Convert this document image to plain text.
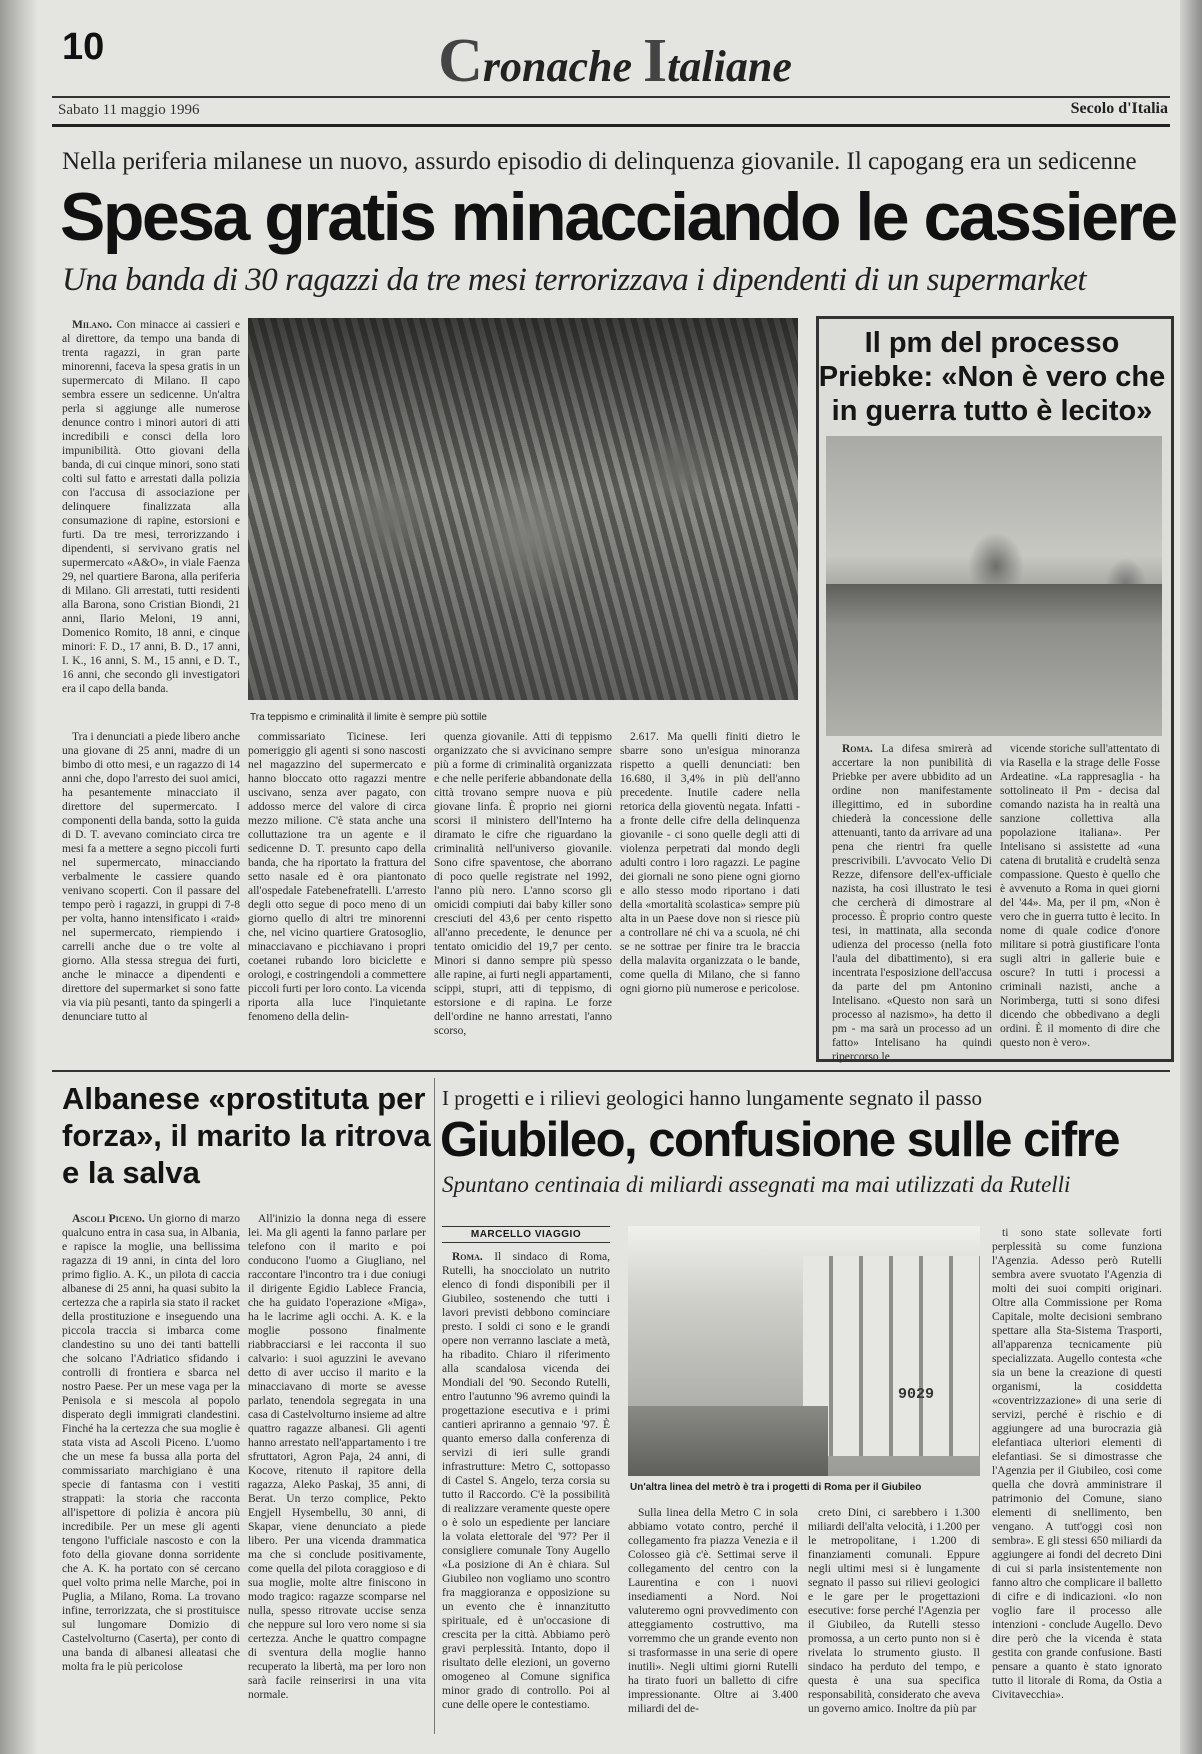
10	Cronache Italiane
Sabato 11 maggio 1996	Secolo d'Italia
Nella periferia milanese un nuovo, assurdo episodio di delinquenza giovanile. Il capogang era un sedicenne
Spesa gratis minacciando le cassiere
Una banda di 30 ragazzi da tre mesi terrorizzava i dipendenti di un supermarket

Milano. Con minacce ai cassieri e al direttore, da tempo una banda di trenta ragazzi, in gran parte minorenni, faceva la spesa gratis in un supermercato di Milano. Il capo sembra essere un sedicenne. Un'altra perla si aggiunge alle numerose denunce contro i minori autori di atti incredibili e consci della loro impunibilità. Otto giovani della banda, di cui cinque minori, sono stati colti sul fatto e arrestati dalla polizia con l'accusa di associazione per delinquere finalizzata alla consumazione di rapine, estorsioni e furti. Da tre mesi, terrorizzando i dipendenti, si servivano gratis nel supermercato «A&O», in viale Faenza 29, nel quartiere Barona, alla periferia di Milano. Gli arrestati, tutti residenti alla Barona, sono Cristian Biondi, 21 anni, Ilario Meloni, 19 anni, Domenico Romito, 18 anni, e cinque minori: F. D., 17 anni, B. D., 17 anni, I. K., 16 anni, S. M., 15 anni, e D. T., 16 anni, che secondo gli investigatori era il capo della banda.

Tra teppismo e criminalità il limite è sempre più sottile

Tra i denunciati a piede libero anche una giovane di 25 anni, madre di un bimbo di otto mesi, e un ragazzo di 14 anni che, dopo l'arresto dei suoi amici, ha pesantemente minacciato il direttore del supermercato. I componenti della banda, sotto la guida di D. T. avevano cominciato circa tre mesi fa a mettere a segno piccoli furti nel supermercato, minacciando verbalmente le cassiere quando venivano scoperti. Con il passare del tempo però i ragazzi, in gruppi di 7-8 per volta, hanno intensificato i «raid» nel supermercato, riempiendo i carrelli anche due o tre volte al giorno. Alla stessa stregua dei furti, anche le minacce a dipendenti e direttore del supermarket si sono fatte via via più pesanti, tanto da spingerli a denunciare tutto al

commissariato Ticinese. Ieri pomeriggio gli agenti si sono nascosti nel magazzino del supermercato e hanno bloccato otto ragazzi mentre uscivano, senza aver pagato, con addosso merce del valore di circa mezzo milione. C'è stata anche una colluttazione tra un agente e il sedicenne D. T. presunto capo della banda, che ha riportato la frattura del setto nasale ed è ora piantonato all'ospedale Fatebenefratelli. L'arresto degli otto segue di poco meno di un giorno quello di altri tre minorenni che, nel vicino quartiere Gratosoglio, minacciavano e picchiavano i propri coetanei rubando loro biciclette e orologi, e costringendoli a commettere piccoli furti per loro conto. La vicenda riporta alla luce l'inquietante fenomeno della delin-

quenza giovanile. Atti di teppismo organizzato che si avvicinano sempre più a forme di criminalità organizzata e che nelle periferie abbandonate della città trovano sempre nuova e più giovane linfa. È proprio nei giorni scorsi il ministero dell'Interno ha diramato le cifre che riguardano la criminalità nell'universo giovanile. Sono cifre spaventose, che aborrano di poco quelle registrate nel 1992, l'anno più nero. L'anno scorso gli omicidi compiuti dai baby killer sono cresciuti del 43,6 per cento rispetto all'anno precedente, le denunce per tentato omicidio del 19,7 per cento. Minori si danno sempre più spesso alle rapine, ai furti negli appartamenti, scippi, stupri, atti di teppismo, di estorsione e di rapina. Le forze dell'ordine ne hanno arrestati, l'anno scorso,

2.617. Ma quelli finiti dietro le sbarre sono un'esigua minoranza rispetto a quelli denunciati: ben 16.680, il 3,4% in più dell'anno precedente. Inutile cadere nella retorica della gioventù negata. Infatti - a fronte delle cifre della delinquenza giovanile - ci sono quelle degli atti di violenza perpetrati dal mondo degli adulti contro i loro ragazzi. Le pagine dei giornali ne sono piene ogni giorno e allo stesso modo riportano i dati della «mortalità scolastica» sempre più alta in un Paese dove non si riesce più a controllare né chi va a scuola, né chi se ne sottrae per finire tra le braccia della malavita organizzata o le bande, come quella di Milano, che si fanno ogni giorno più numerose e pericolose.

Il pm del processo Priebke: «Non è vero che in guerra tutto è lecito»

Roma. La difesa smirerà ad accertare la non punibilità di Priebke per avere ubbidito ad un ordine non manifestamente illegittimo, ed in subordine chiederà la concessione delle attenuanti, tanto da arrivare ad una pena che rientri fra quelle prescrivibili. L'avvocato Velio Di Rezze, difensore dell'ex-ufficiale nazista, ha così illustrato le tesi che cercherà di dimostrare al processo. È proprio contro queste tesi, in mattinata, alla seconda udienza del processo (nella foto l'aula del dibattimento), si era incentrata l'esposizione dell'accusa da parte del pm Antonino Intelisano. «Questo non sarà un processo al nazismo», ha detto il pm - ma sarà un processo ad un fatto» Intelisano ha quindi ripercorso le

vicende storiche sull'attentato di via Rasella e la strage delle Fosse Ardeatine. «La rappresaglia - ha sottolineato il Pm - decisa dal comando nazista ha in realtà una sanzione collettiva alla popolazione italiana». Per Intelisano si assistette ad «una catena di brutalità e crudeltà senza compassione. Questo è quello che è avvenuto a Roma in quei giorni del '44». Ma, per il pm, «Non è vero che in guerra tutto è lecito. In nome di quale codice d'onore militare si potrà giustificare l'onta sugli altri in gallerie buie e oscure? In tutti i processi a criminali nazisti, anche a Norimberga, tutti si sono difesi dicendo che obbedivano a degli ordini. È il momento di dire che questo non è vero».

Albanese «prostituta per forza», il marito la ritrova e la salva

Ascoli Piceno. Un giorno di marzo qualcuno entra in casa sua, in Albania, e rapisce la moglie, una bellissima ragazza di 19 anni, in cinta del loro primo figlio. A. K., un pilota di caccia albanese di 25 anni, ha quasi subito la certezza che a rapirla sia stato il racket della prostituzione e inseguendo una piccola traccia si imbarca come clandestino su uno dei tanti battelli che solcano l'Adriatico sfidando i controlli di frontiera e sbarca nel nostro Paese. Per un mese vaga per la Penisola e si mescola al popolo disperato degli immigrati clandestini. Finché ha la certezza che sua moglie è stata vista ad Ascoli Piceno. L'uomo che un mese fa bussa alla porta del commissariato marchigiano è una specie di fantasma con i vestiti strappati: la storia che racconta all'ispettore di polizia è ancora più incredibile. Per un mese gli agenti tengono l'ufficiale nascosto e con la foto della giovane donna sorridente che A. K. ha portato con sé cercano quel volto prima nelle Marche, poi in Puglia, a Milano, Roma. La trovano infine, terrorizzata, che si prostituisce sul lungomare Domizio di Castelvolturno (Caserta), per conto di una banda di albanesi alleatasi che molta fra le più pericolose

All'inizio la donna nega di essere lei. Ma gli agenti la fanno parlare per telefono con il marito e poi conducono l'uomo a Giugliano, nel raccontare l'incontro tra i due coniugi il dirigente Egidio Lablece Francia, che ha guidato l'operazione «Miga», ha le lacrime agli occhi. A. K. e la moglie possono finalmente riabbracciarsi e lei racconta il suo calvario: i suoi aguzzini le avevano detto di aver ucciso il marito e la minacciavano di morte se avesse parlato, tenendola segregata in una casa di Castelvolturno insieme ad altre quattro ragazze albanesi. Gli agenti hanno arrestato nell'appartamento i tre sfruttatori, Agron Paja, 24 anni, di Kocove, ritenuto il rapitore della ragazza, Aleko Paskaj, 35 anni, di Berat. Un terzo complice, Pekto Engjell Hysembellu, 30 anni, di Skapar, viene denunciato a piede libero. Per una vicenda drammatica ma che si conclude positivamente, come quella del pilota coraggioso e di sua moglie, molte altre finiscono in modo tragico: ragazze scomparse nel nulla, spesso ritrovate uccise senza che neppure sul loro vero nome si sia certezza. Anche le quattro compagne di sventura della moglie hanno recuperato la libertà, ma per loro non sarà facile reinserirsi in una vita normale.

I progetti e i rilievi geologici hanno lungamente segnato il passo
Giubileo, confusione sulle cifre
Spuntano centinaia di miliardi assegnati ma mai utilizzati da Rutelli
MARCELLO VIAGGIO

Roma. Il sindaco di Roma, Rutelli, ha snocciolato un nutrito elenco di fondi disponibili per il Giubileo, sostenendo che tutti i lavori previsti debbono cominciare presto. I soldi ci sono e le grandi opere non verranno lasciate a metà, ha ribadito. Chiaro il riferimento alla scandalosa vicenda dei Mondiali del '90. Secondo Rutelli, entro l'autunno '96 avremo quindi la progettazione esecutiva e i primi cantieri apriranno a gennaio '97. È quanto emerso dalla conferenza di servizi di ieri sulle grandi infrastrutture: Metro C, sottopasso di Castel S. Angelo, terza corsia su tutto il Raccordo. C'è la possibilità di realizzare veramente queste opere o è solo un espediente per lanciare la volata elettorale del '97? Per il consigliere comunale Tony Augello «La posizione di An è chiara. Sul Giubileo non vogliamo uno scontro fra maggioranza e opposizione su un evento che è innanzitutto spirituale, ed è un'occasione di crescita per la città. Abbiamo però gravi perplessità. Intanto, dopo il risultato delle elezioni, un governo omogeneo al Comune significa minor grado di controllo. Poi al cune delle opere le contestiamo.

9029
Un'altra linea del metrò è tra i progetti di Roma per il Giubileo

Sulla linea della Metro C in sola abbiamo votato contro, perché il collegamento fra piazza Venezia e il Colosseo già c'è. Settimai serve il collegamento del centro con la Laurentina e con i nuovi insediamenti a Nord. Noi valuteremo ogni provvedimento con atteggiamento costruttivo, ma vorremmo che un grande evento non si trasformasse in una serie di opere inutili». Negli ultimi giorni Rutelli ha tirato fuori un balletto di cifre impressionante. Oltre ai 3.400 miliardi del de-

creto Dini, ci sarebbero i 1.300 miliardi dell'alta velocità, i 1.200 per le metropolitane, i 1.200 di finanziamenti comunali. Eppure negli ultimi mesi si è lungamente segnato il passo sui rilievi geologici e le gare per le progettazioni esecutive: forse perché l'Agenzia per il Giubileo, da Rutelli stesso promossa, a un certo punto non si è rivelata lo strumento giusto. Il sindaco ha perduto del tempo, e questa è una sua specifica responsabilità, considerato che aveva un governo amico. Inoltre da più par

ti sono state sollevate forti perplessità su come funziona l'Agenzia. Adesso però Rutelli sembra avere svuotato l'Agenzia di molti dei suoi compiti originari. Oltre alla Commissione per Roma Capitale, molte decisioni sembrano spettare alla Sta-Sistema Trasporti, all'apparenza tecnicamente più specializzata. Augello contesta «che sia un bene la creazione di questi organismi, la cosiddetta «coventrizzazione» di una serie di servizi, perché è rischio e di aggiungere ad una burocrazia già elefantiaca ulteriori elementi di elefantiasi. Se si dimostrasse che l'Agenzia per il Giubileo, così come quella che dovrà amministrare il patrimonio del Comune, siano elementi di snellimento, ben vengano. A tutt'oggi così non sembra». E gli stessi 650 miliardi da aggiungere ai fondi del decreto Dini di cui si parla insistentemente non fanno altro che complicare il balletto di cifre e di indicazioni. «Io non voglio fare il processo alle intenzioni - conclude Augello. Devo dire però che la vicenda è stata gestita con grande confusione. Basti pensare a quanto è stato ignorato tutto il litorale di Roma, da Ostia a Civitavecchia».
